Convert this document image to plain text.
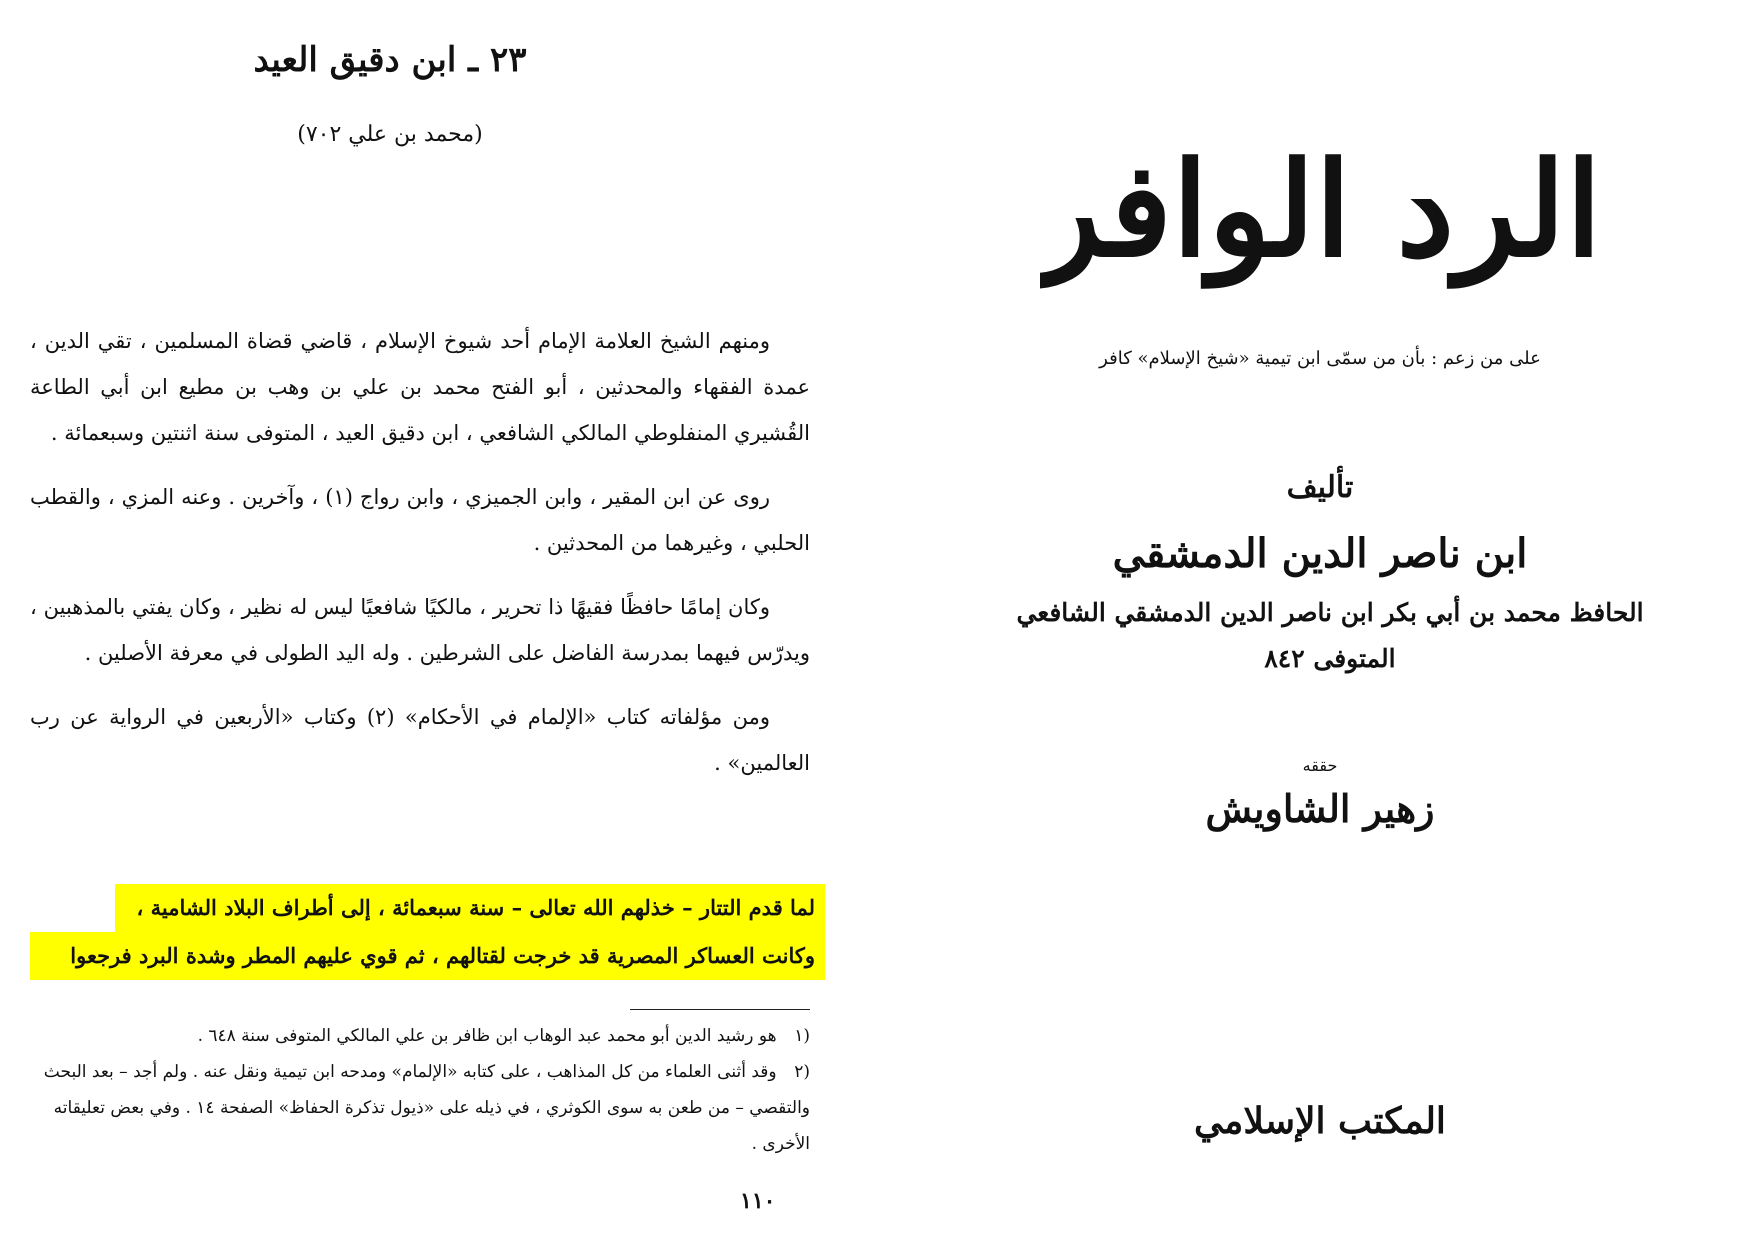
٢٣ ـ ابن دقيق العيد
(محمد بن علي ٧٠٢)

ومنهم الشيخ العلامة الإمام أحد شيوخ الإسلام ، قاضي قضاة المسلمين ، تقي الدين ، عمدة الفقهاء والمحدثين ، أبو الفتح محمد بن علي بن وهب بن مطيع ابن أبي الطاعة القُشيري المنفلوطي المالكي الشافعي ، ابن دقيق العيد ، المتوفى سنة اثنتين وسبعمائة .

روى عن ابن المقير ، وابن الجميزي ، وابن رواج (١) ، وآخرين . وعنه المزي ، والقطب الحلبي ، وغيرهما من المحدثين .

وكان إمامًا حافظًا فقيهًا ذا تحرير ، مالكيًا شافعيًا ليس له نظير ، وكان يفتي بالمذهبين ، ويدرّس فيهما بمدرسة الفاضل على الشرطين . وله اليد الطولى في معرفة الأصلين .

ومن مؤلفاته كتاب «الإلمام في الأحكام» (٢) وكتاب «الأربعين في الرواية عن رب العالمين» .

لما قدم التتار – خذلهم الله تعالى – سنة سبعمائة ، إلى أطراف البلاد الشامية ،
وكانت العساكر المصرية قد خرجت لقتالهم ، ثم قوي عليهم المطر وشدة البرد فرجعوا
(١ هو رشيد الدين أبو محمد عبد الوهاب ابن ظافر بن علي المالكي المتوفى سنة ٦٤٨ .
(٢ وقد أثنى العلماء من كل المذاهب ، على كتابه «الإلمام» ومدحه ابن تيمية ونقل عنه . ولم أجد – بعد البحث والتقصي – من طعن به سوى الكوثري ، في ذيله على «ذيول تذكرة الحفاظ» الصفحة ١٤ . وفي بعض تعليقاته الأخرى .
١١٠
الرد الوافر
على من زعم : بأن من سمّى ابن تيمية «شيخ الإسلام» كافر
تأليف
ابن ناصر الدين الدمشقي
الحافظ محمد بن أبي بكر ابن ناصر الدين الدمشقي الشافعي
المتوفى ٨٤٢
حققه
زهير الشاويش
المكتب الإسلامي
